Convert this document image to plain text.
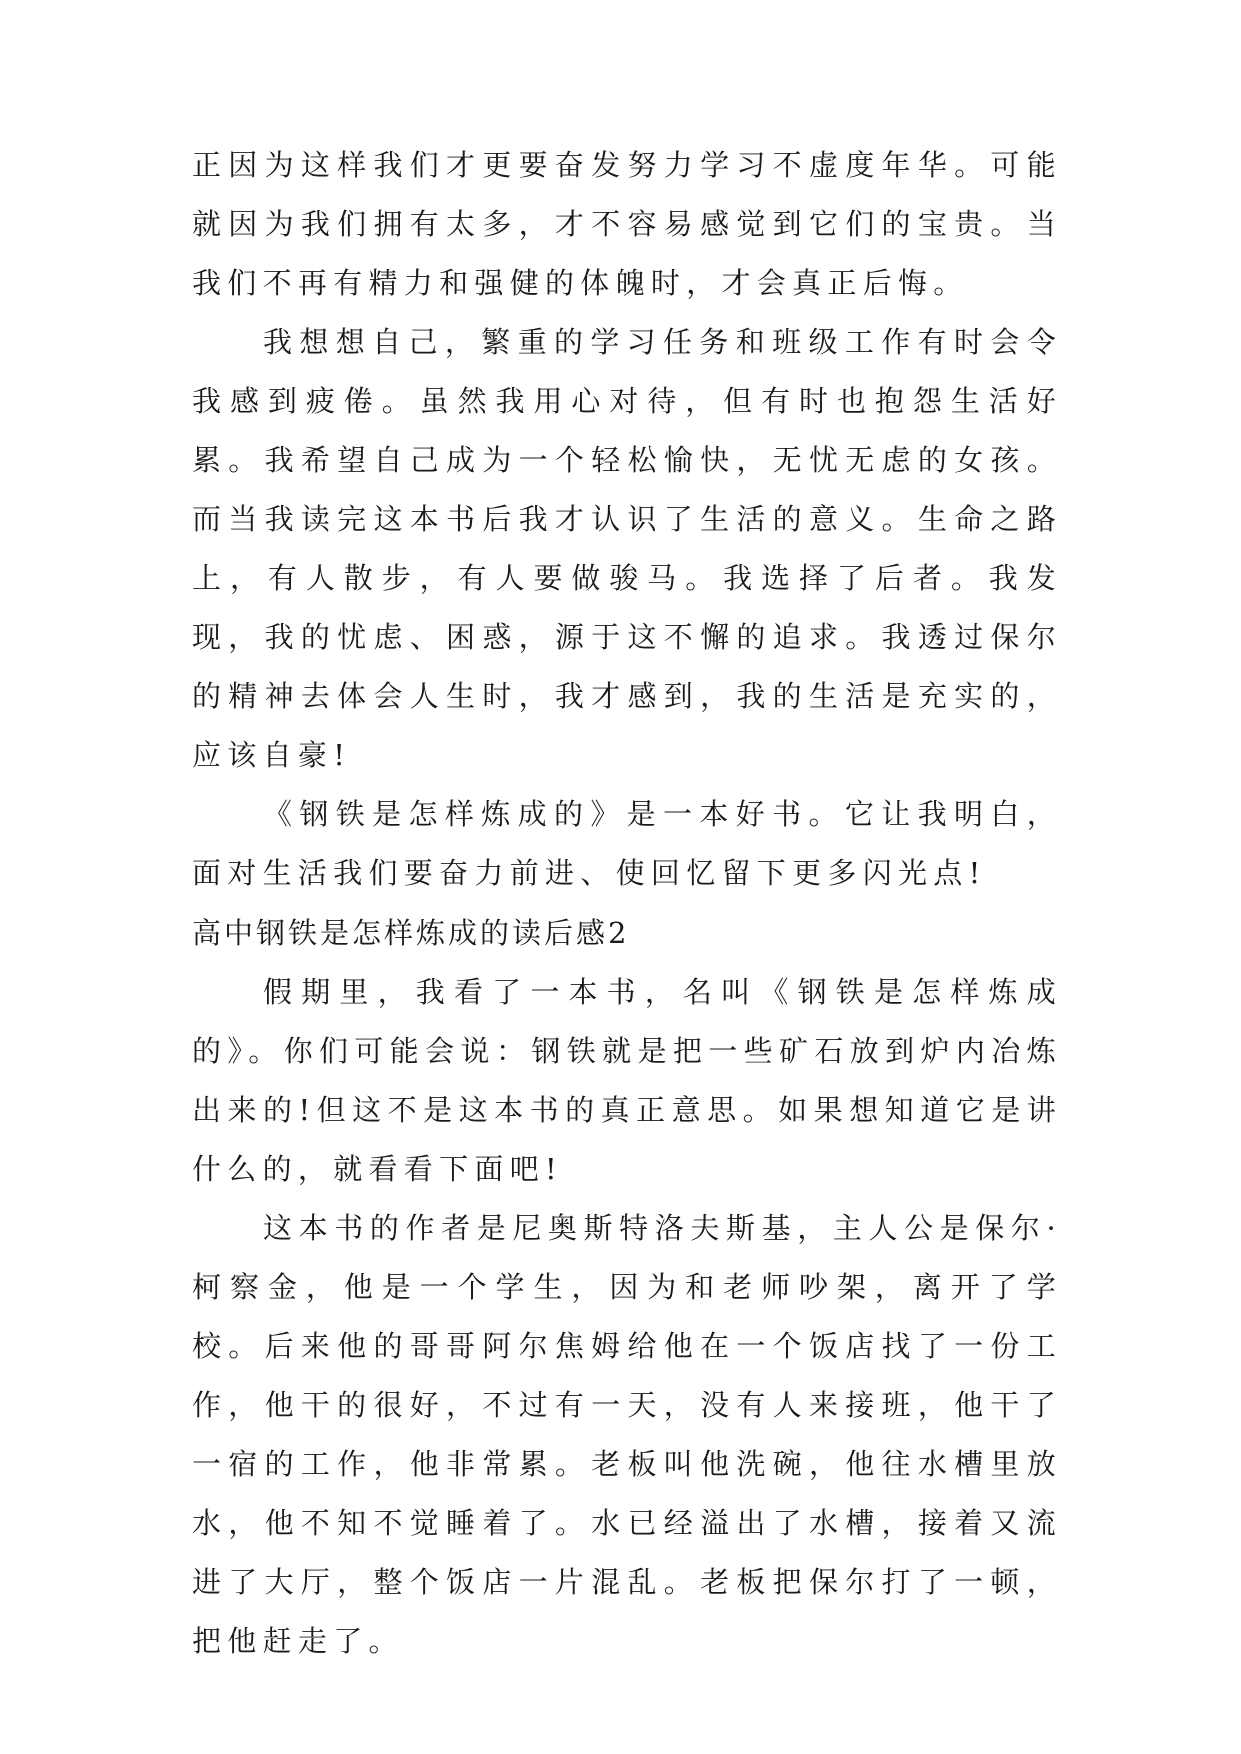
正因为这样我们才更要奋发努力学习不虚度年华。可能就因为我们拥有太多，才不容易感觉到它们的宝贵。当我们不再有精力和强健的体魄时，才会真正后悔。

我想想自己，繁重的学习任务和班级工作有时会令我感到疲倦。虽然我用心对待，但有时也抱怨生活好累。我希望自己成为一个轻松愉快，无忧无虑的女孩。而当我读完这本书后我才认识了生活的意义。生命之路上，有人散步，有人要做骏马。我选择了后者。我发现，我的忧虑、困惑，源于这不懈的追求。我透过保尔的精神去体会人生时，我才感到，我的生活是充实的，应该自豪!

《钢铁是怎样炼成的》是一本好书。它让我明白，面对生活我们要奋力前进、使回忆留下更多闪光点!

高中钢铁是怎样炼成的读后感2

假期里，我看了一本书，名叫《钢铁是怎样炼成的》。你们可能会说：钢铁就是把一些矿石放到炉内冶炼出来的!但这不是这本书的真正意思。如果想知道它是讲什么的，就看看下面吧!

这本书的作者是尼奥斯特洛夫斯基，主人公是保尔·柯察金，他是一个学生，因为和老师吵架，离开了学校。后来他的哥哥阿尔焦姆给他在一个饭店找了一份工作，他干的很好，不过有一天，没有人来接班，他干了一宿的工作，他非常累。老板叫他洗碗，他往水槽里放水，他不知不觉睡着了。水已经溢出了水槽，接着又流进了大厅，整个饭店一片混乱。老板把保尔打了一顿，把他赶走了。
